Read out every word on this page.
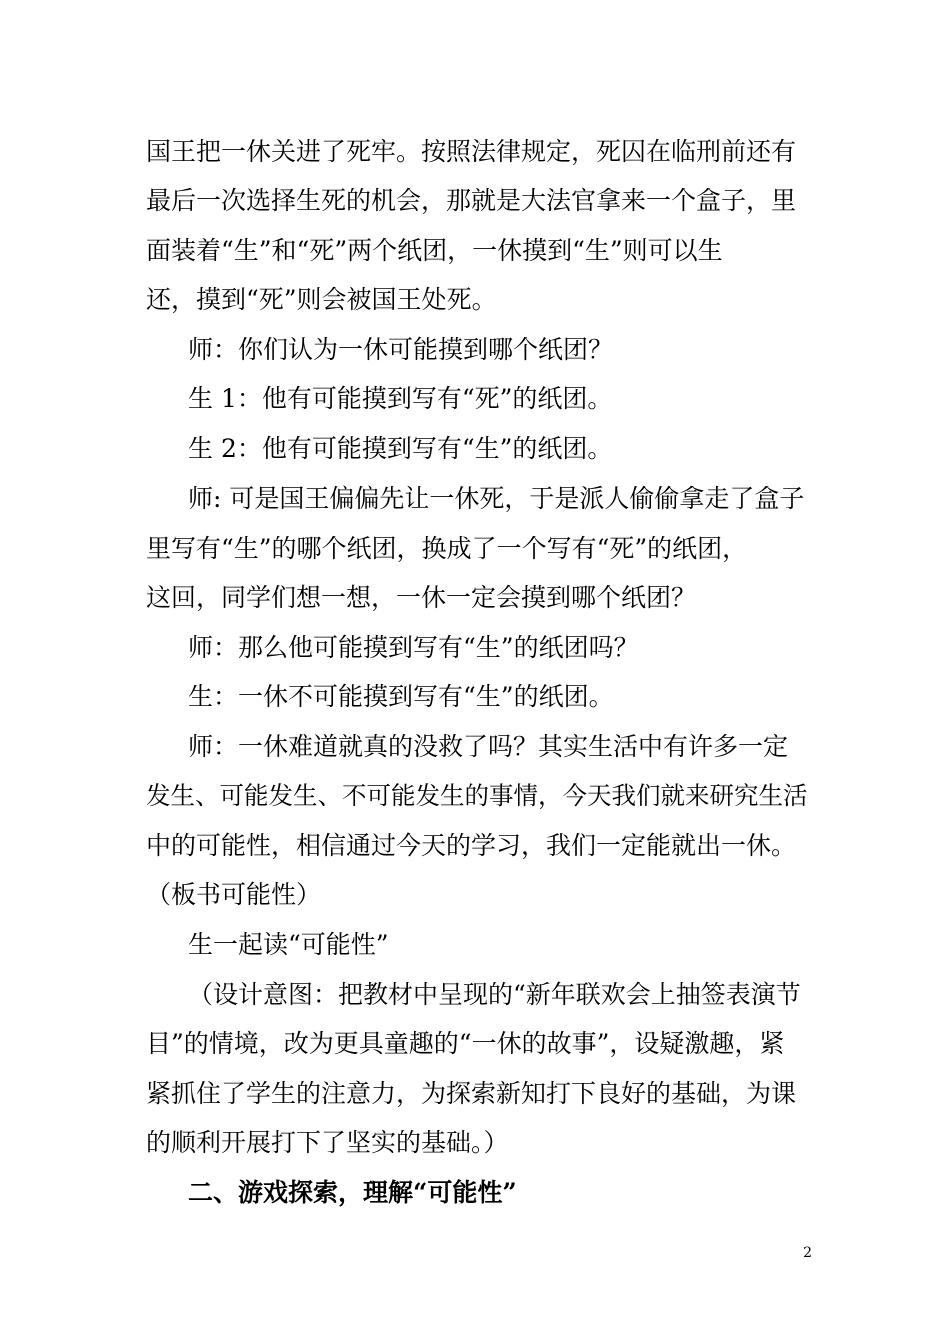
国王把一休关进了死牢。按照法律规定，死囚在临刑前还有
最后一次选择生死的机会，那就是大法官拿来一个盒子，里
面装着“生”和“死”两个纸团，一休摸到“生”则可以生
还，摸到“死”则会被国王处死。
师：你们认为一休可能摸到哪个纸团？
生 1：他有可能摸到写有“死”的纸团。
生 2：他有可能摸到写有“生”的纸团。
师: 可是国王偏偏先让一休死，于是派人偷偷拿走了盒子
里写有“生”的哪个纸团，换成了一个写有“死”的纸团，
这回，同学们想一想，一休一定会摸到哪个纸团？
师：那么他可能摸到写有“生”的纸团吗？
生：一休不可能摸到写有“生”的纸团。
师：一休难道就真的没救了吗？其实生活中有许多一定
发生、可能发生、不可能发生的事情，今天我们就来研究生活
中的可能性，相信通过今天的学习，我们一定能就出一休。
（板书可能性）
生一起读“可能性”
（设计意图：把教材中呈现的“新年联欢会上抽签表演节
目”的情境，改为更具童趣的“一休的故事”，设疑激趣，紧
紧抓住了学生的注意力，为探索新知打下良好的基础，为课
的顺利开展打下了坚实的基础。）
二、游戏探索，理解“可能性”
2
